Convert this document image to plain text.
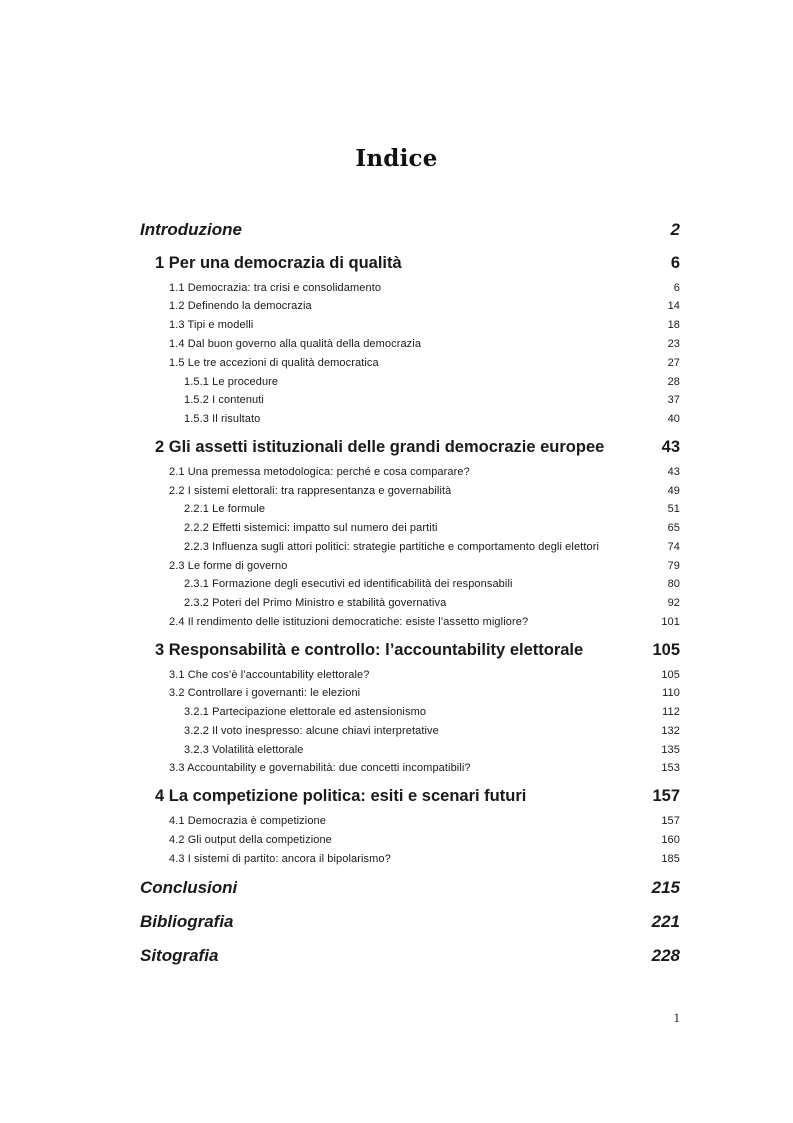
Indice
Introduzione	2
1 Per una democrazia di qualità	6
1.1 Democrazia: tra crisi e consolidamento	6
1.2 Definendo la democrazia	14
1.3 Tipi e modelli	18
1.4 Dal buon governo alla qualità della democrazia	23
1.5 Le tre accezioni di qualità democratica	27
1.5.1 Le procedure	28
1.5.2 I contenuti	37
1.5.3 Il risultato	40
2 Gli assetti istituzionali delle grandi democrazie europee	43
2.1 Una premessa metodologica: perché e cosa comparare?	43
2.2 I sistemi elettorali: tra rappresentanza e governabilità	49
2.2.1 Le formule	51
2.2.2 Effetti sistemici: impatto sul numero dei partiti	65
2.2.3 Influenza sugli attori politici: strategie partitiche e comportamento degli elettori	74
2.3 Le forme di governo	79
2.3.1 Formazione degli esecutivi ed identificabilità dei responsabili	80
2.3.2 Poteri del Primo Ministro e stabilità governativa	92
2.4 Il rendimento delle istituzioni democratiche: esiste l’assetto migliore?	101
3 Responsabilità e controllo: l’accountability elettorale	105
3.1 Che cos’è l’accountability elettorale?	105
3.2 Controllare i governanti: le elezioni	110
3.2.1 Partecipazione elettorale ed astensionismo	112
3.2.2 Il voto inespresso: alcune chiavi interpretative	132
3.2.3 Volatilità elettorale	135
3.3 Accountability e governabilità: due concetti incompatibili?	153
4 La competizione politica: esiti e scenari futuri	157
4.1 Democrazia è competizione	157
4.2 Gli output della competizione	160
4.3 I sistemi di partito: ancora il bipolarismo?	185
Conclusioni	215
Bibliografia	221
Sitografia	228
1
